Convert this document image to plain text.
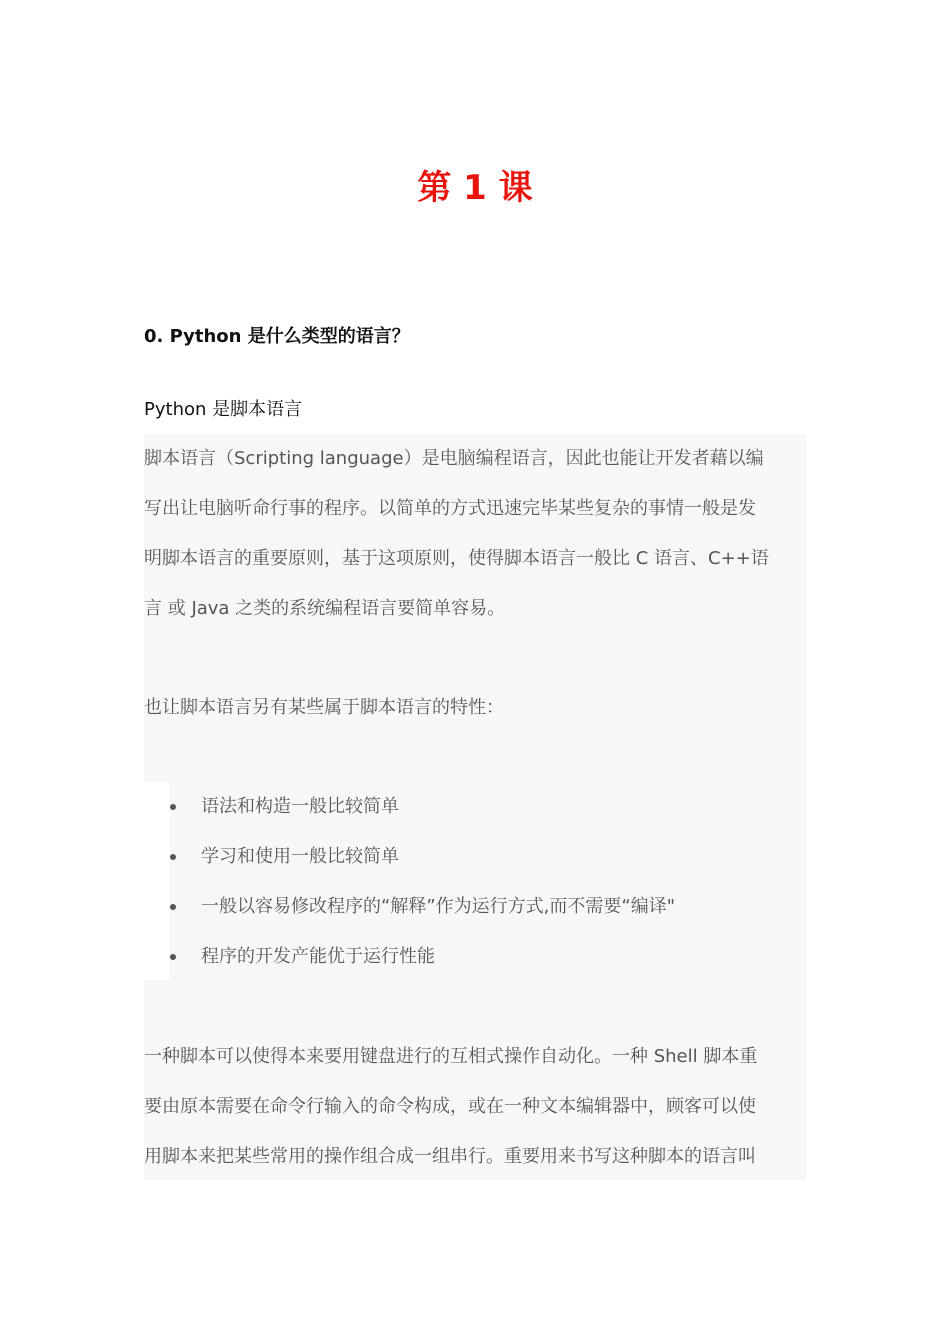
第 1 课
0. Python 是什么类型的语言？
Python 是脚本语言
脚本语言（Scripting language）是电脑编程语言，因此也能让开发者藉以编
写出让电脑听命行事的程序。以简单的方式迅速完毕某些复杂的事情一般是发
明脚本语言的重要原则，基于这项原则，使得脚本语言一般比 C 语言、C++语
言 或 Java 之类的系统编程语言要简单容易。
也让脚本语言另有某些属于脚本语言的特性：
语法和构造一般比较简单
学习和使用一般比较简单
一般以容易修改程序的“解释”作为运行方式,而不需要“编译"
程序的开发产能优于运行性能
一种脚本可以使得本来要用键盘进行的互相式操作自动化。一种 Shell 脚本重
要由原本需要在命令行输入的命令构成，或在一种文本编辑器中，顾客可以使
用脚本来把某些常用的操作组合成一组串行。重要用来书写这种脚本的语言叫
